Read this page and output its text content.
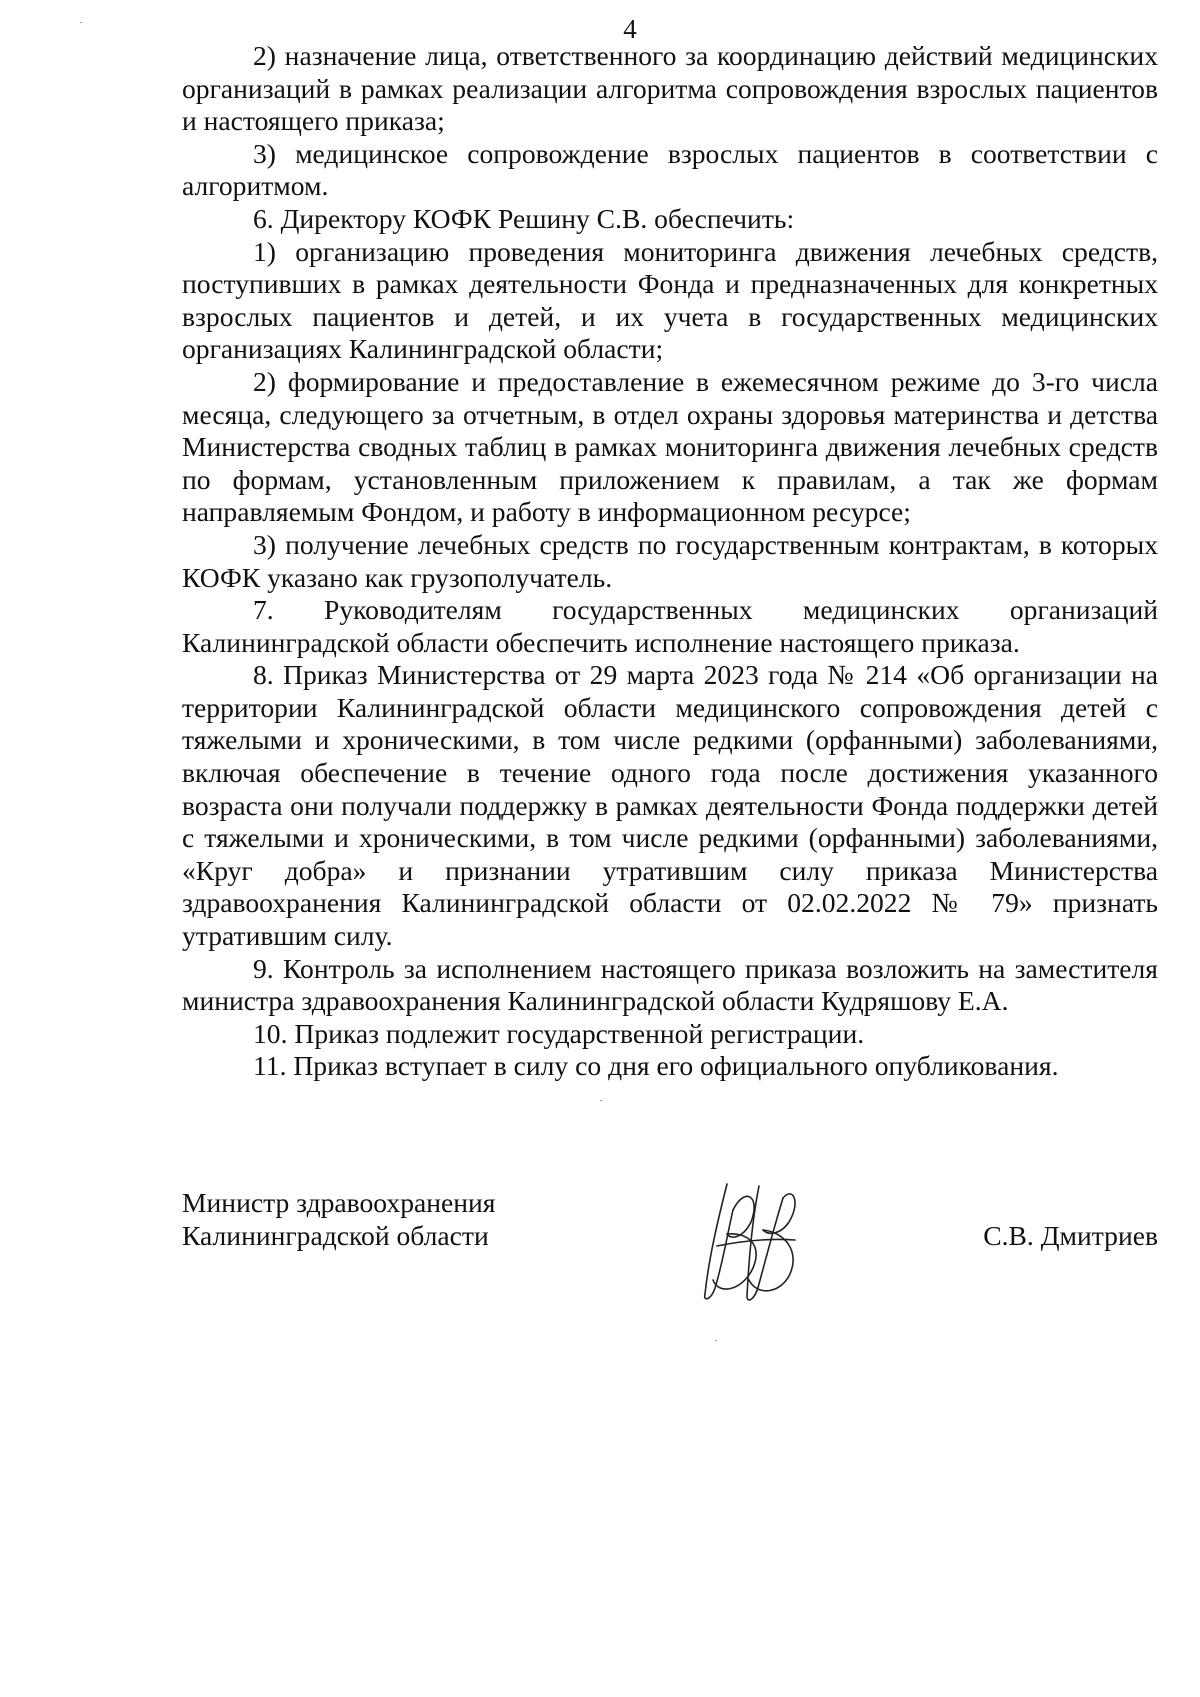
4

2) назначение лица, ответственного за координацию действий медицинских организаций в рамках реализации алгоритма сопровождения взрослых пациентов и настоящего приказа;

3) медицинское сопровождение взрослых пациентов в соответствии с алгоритмом.

6. Директору КОФК Решину С.В. обеспечить:

1) организацию проведения мониторинга движения лечебных средств, поступивших в рамках деятельности Фонда и предназначенных для конкретных взрослых пациентов и детей, и их учета в государственных медицинских организациях Калининградской области;

2) формирование и предоставление в ежемесячном режиме до 3-го числа месяца, следующего за отчетным, в отдел охраны здоровья материнства и детства Министерства сводных таблиц в рамках мониторинга движения лечебных средств по формам, установленным приложением к правилам, а так же формам направляемым Фондом, и работу в информационном ресурсе;

3) получение лечебных средств по государственным контрактам, в которых КОФК указано как грузополучатель.

7. Руководителям государственных медицинских организаций Калининградской области обеспечить исполнение настоящего приказа.

8. Приказ Министерства от 29 марта 2023 года № 214 «Об организации на территории Калининградской области медицинского сопровождения детей с тяжелыми и хроническими, в том числе редкими (орфанными) заболеваниями, включая обеспечение в течение одного года после достижения указанного возраста они получали поддержку в рамках деятельности Фонда поддержки детей с тяжелыми и хроническими, в том числе редкими (орфанными) заболеваниями, «Круг добра» и признании утратившим силу приказа Министерства здравоохранения Калининградской области от 02.02.2022 № 79» признать утратившим силу.

9. Контроль за исполнением настоящего приказа возложить на заместителя министра здравоохранения Калининградской области Кудряшову Е.А.

10. Приказ подлежит государственной регистрации.

11. Приказ вступает в силу со дня его официального опубликования.

Министр здравоохранения
Калининградской области	С.В. Дмитриев
